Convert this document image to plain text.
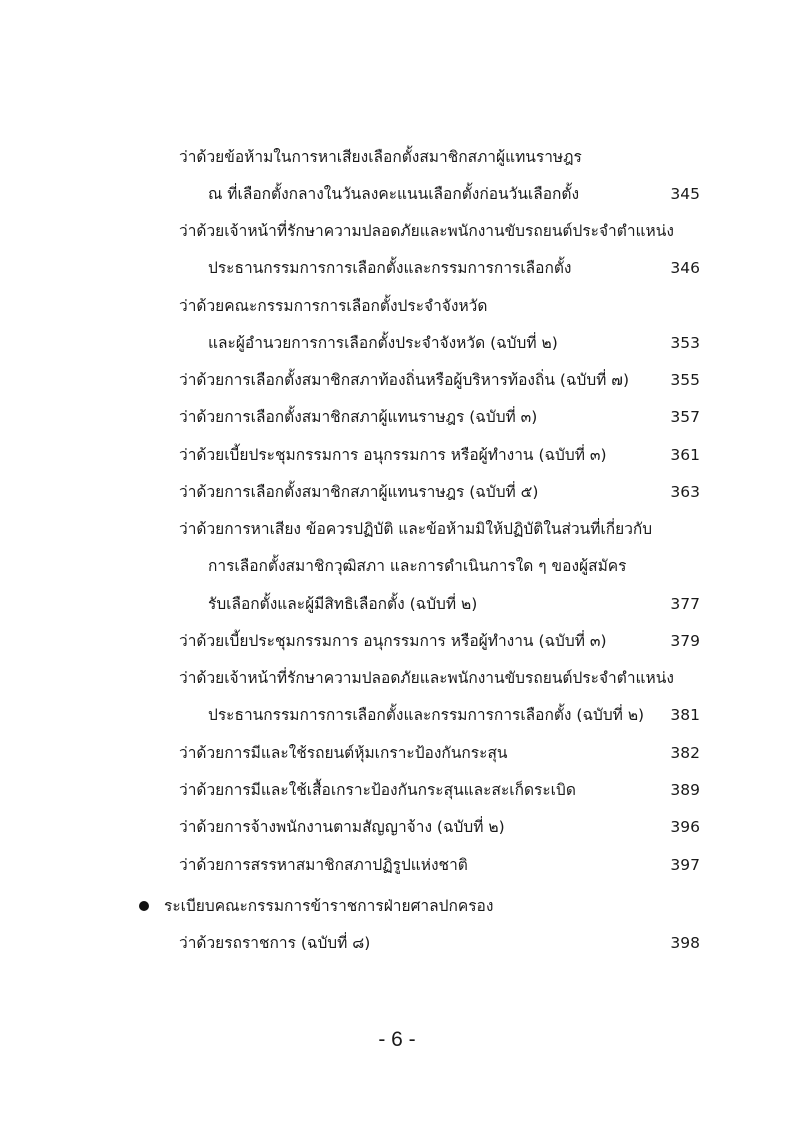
ว่าด้วยข้อห้ามในการหาเสียงเลือกตั้งสมาชิกสภาผู้แทนราษฎร
ณ ที่เลือกตั้งกลางในวันลงคะแนนเลือกตั้งก่อนวันเลือกตั้ง	345
ว่าด้วยเจ้าหน้าที่รักษาความปลอดภัยและพนักงานขับรถยนต์ประจำตำแหน่ง
ประธานกรรมการการเลือกตั้งและกรรมการการเลือกตั้ง	346
ว่าด้วยคณะกรรมการการเลือกตั้งประจำจังหวัด
และผู้อำนวยการการเลือกตั้งประจำจังหวัด (ฉบับที่ ๒)	353
ว่าด้วยการเลือกตั้งสมาชิกสภาท้องถิ่นหรือผู้บริหารท้องถิ่น (ฉบับที่ ๗)	355
ว่าด้วยการเลือกตั้งสมาชิกสภาผู้แทนราษฎร (ฉบับที่ ๓)	357
ว่าด้วยเบี้ยประชุมกรรมการ อนุกรรมการ หรือผู้ทำงาน (ฉบับที่ ๓)	361
ว่าด้วยการเลือกตั้งสมาชิกสภาผู้แทนราษฎร (ฉบับที่ ๕)	363
ว่าด้วยการหาเสียง ข้อควรปฏิบัติ และข้อห้ามมิให้ปฏิบัติในส่วนที่เกี่ยวกับ
การเลือกตั้งสมาชิกวุฒิสภา และการดำเนินการใด ๆ ของผู้สมัคร
รับเลือกตั้งและผู้มีสิทธิเลือกตั้ง (ฉบับที่ ๒)	377
ว่าด้วยเบี้ยประชุมกรรมการ อนุกรรมการ หรือผู้ทำงาน (ฉบับที่ ๓)	379
ว่าด้วยเจ้าหน้าที่รักษาความปลอดภัยและพนักงานขับรถยนต์ประจำตำแหน่ง
ประธานกรรมการการเลือกตั้งและกรรมการการเลือกตั้ง (ฉบับที่ ๒) 381
ว่าด้วยการมีและใช้รถยนต์หุ้มเกราะป้องกันกระสุน	382
ว่าด้วยการมีและใช้เสื้อเกราะป้องกันกระสุนและสะเก็ดระเบิด	389
ว่าด้วยการจ้างพนักงานตามสัญญาจ้าง (ฉบับที่ ๒)	396
ว่าด้วยการสรรหาสมาชิกสภาปฏิรูปแห่งชาติ	397
ระเบียบคณะกรรมการข้าราชการฝ่ายศาลปกครอง
ว่าด้วยรถราชการ (ฉบับที่ ๘)	398
- 6 -
